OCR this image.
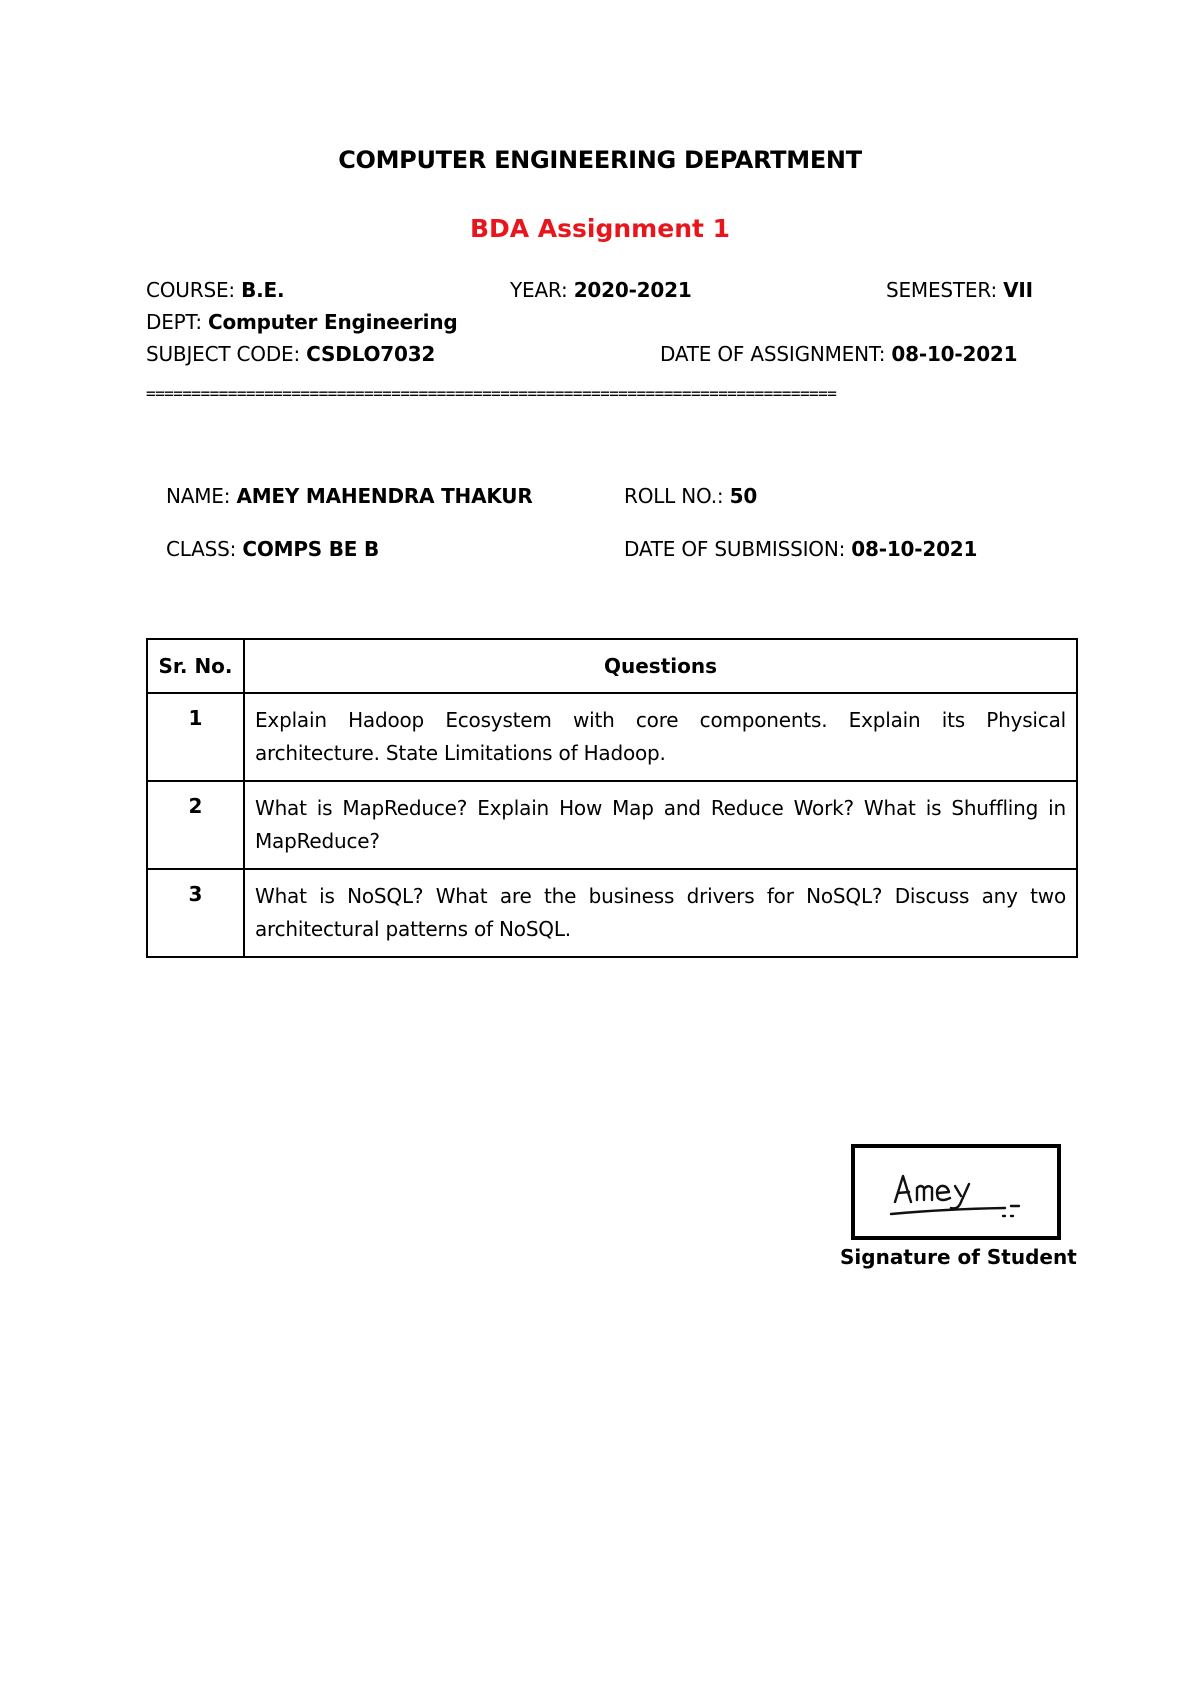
COMPUTER ENGINEERING DEPARTMENT
BDA Assignment 1
COURSE: B.E.	YEAR: 2020-2021	SEMESTER: VII
DEPT: Computer Engineering
SUBJECT CODE: CSDLO7032	DATE OF ASSIGNMENT: 08-10-2021
============================================================================
NAME: AMEY MAHENDRA THAKUR	ROLL NO.: 50
CLASS: COMPS BE B	DATE OF SUBMISSION: 08-10-2021
Sr. No.	Questions
1	Explain Hadoop Ecosystem with core components. Explain its Physical architecture. State Limitations of Hadoop.
2	What is MapReduce? Explain How Map and Reduce Work? What is Shuffling in MapReduce?
3	What is NoSQL? What are the business drivers for NoSQL? Discuss any two architectural patterns of NoSQL.
Signature of Student
